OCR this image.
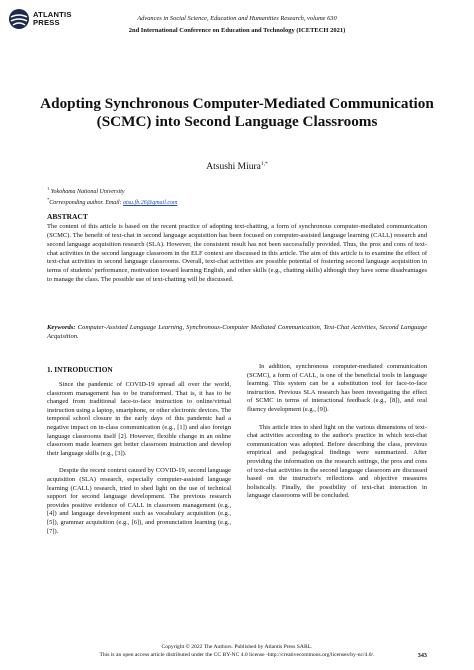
ATLANTIS
PRESS	Advances in Social Science, Education and Humanities Research, volume 630
2nd International Conference on Education and Technology (ICETECH 2021)
Adopting Synchronous Computer-Mediated Communication (SCMC) into Second Language Classrooms
Atsushi Miura$^{1,*}$
$^1$ Yokohama National University
*Corresponding author. Email: atsu.fb.26@gmail.com
ABSTRACT
The content of this article is based on the recent practice of adopting text-chatting, a form of synchronous computer-mediated communication (SCMC). The benefit of text-chat in second language acquisition has been focused on computer-assisted language learning (CALL) research and second language acquisition research (SLA). However, the consistent result has not been successfully provided. Thus, the pros and cons of text-chat activities in the second language classroom in the ELF context are discussed in this article. The aim of this article is to examine the effect of text-chat activities in second language classrooms. Overall, text-chat activities are possible potential of fostering second language acquisition in terms of students' performance, motivation toward learning English, and other skills (e.g., chatting skills) although they have some disadvantages to manage the class. The possible use of text-chatting will be discussed.
Keywords: Computer-Assisted Language Learning, Synchronous-Computer Mediated Communication, Text-Chat Activities, Second Language Acquisition.
1. INTRODUCTION

Since the pandemic of COVID-19 spread all over the world, classroom management has to be transformed. That is, it has to be changed from traditional face-to-face instruction to online/virtual instruction using a laptop, smartphone, or other electronic devices. The temporal school closure in the early days of this pandemic had a negative impact on in-class communication (e.g., [1]) and also foreign language classrooms itself [2]. However, flexible change in an online classroom made learners get better classroom instruction and develop their language skills (e.g., [3]).

Despite the recent context caused by COVID-19, second language acquisition (SLA) research, especially computer-assisted language learning (CALL) research, tried to shed light on the use of technical support for second language development. The previous research provides positive evidence of CALL in classroom management (e.g., [4]) and language development such as vocabulary acquisition (e.g., [5]), grammar acquisition (e.g., [6]), and pronunciation learning (e.g., [7]).

In addition, synchronous computer-mediated communication (SCMC), a form of CALL, is one of the beneficial tools in language learning. This system can be a substitution tool for face-to-face instruction. Previous SLA research has been investigating the effect of SCMC in terms of interactional feedback (e.g., [8]), and oral fluency development (e.g., [9]).

This article tries to shed light on the various dimensions of text-chat activities according to the author's practice in which text-chat communication was adopted. Before describing the class, previous empirical and pedagogical findings were summarized. After providing the information on the research settings, the pros and cons of text-chat activities in the second language classroom are discussed based on the instructor's reflections and objective measures holistically. Finally, the possibility of text-chat interaction in language classrooms will be concluded.

Copyright © 2022 The Authors. Published by Atlantis Press SARL.
This is an open access article distributed under the CC BY-NC 4.0 license -http://creativecommons.org/licenses/by-nc/4.0/.	343
